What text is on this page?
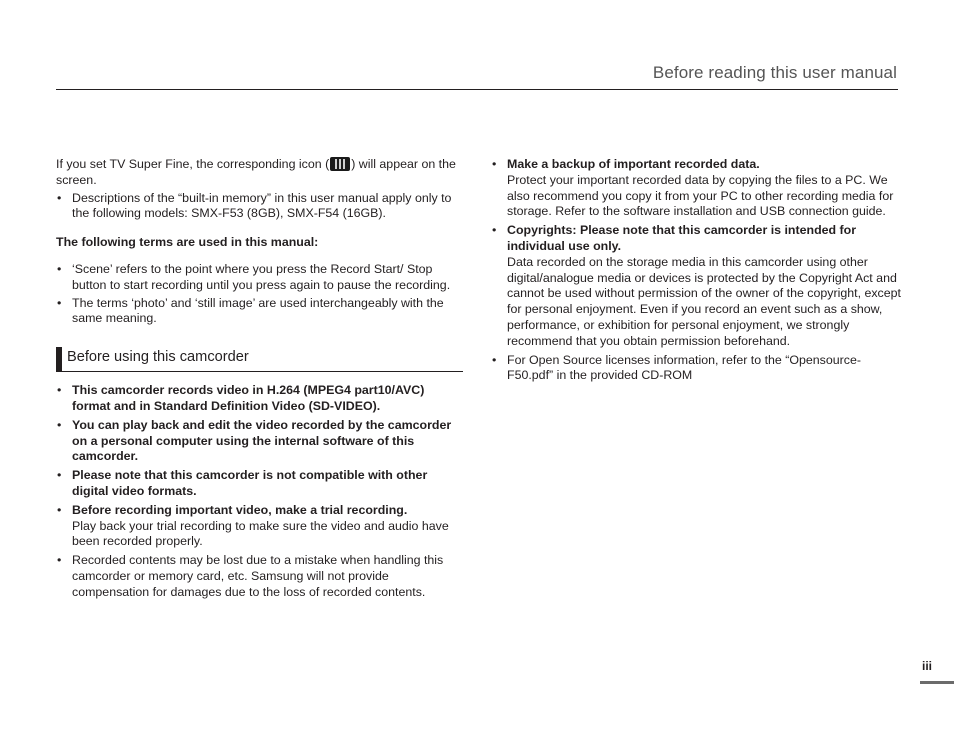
Before reading this user manual

If you set TV Super Fine, the corresponding icon ( ) will appear on the screen.

• Descriptions of the “built-in memory” in this user manual apply only to the following models: SMX-F53 (8GB), SMX-F54 (16GB).

The following terms are used in this manual:

• ‘Scene’ refers to the point where you press the Record Start/ Stop button to start recording until you press again to pause the recording.
• The terms ‘photo’ and ‘still image’ are used interchangeably with the same meaning.
Before using this camcorder
• This camcorder records video in H.264 (MPEG4 part10/AVC) format and in Standard Definition Video (SD-VIDEO).
• You can play back and edit the video recorded by the camcorder on a personal computer using the internal software of this camcorder.
• Please note that this camcorder is not compatible with other digital video formats.
• Before recording important video, make a trial recording.
Play back your trial recording to make sure the video and audio have been recorded properly.
• Recorded contents may be lost due to a mistake when handling this camcorder or memory card, etc. Samsung will not provide compensation for damages due to the loss of recorded contents.
• Make a backup of important recorded data.
Protect your important recorded data by copying the files to a PC. We also recommend you copy it from your PC to other recording media for storage. Refer to the software installation and USB connection guide.
• Copyrights: Please note that this camcorder is intended for individual use only.
Data recorded on the storage media in this camcorder using other digital/analogue media or devices is protected by the Copyright Act and cannot be used without permission of the owner of the copyright, except for personal enjoyment. Even if you record an event such as a show, performance, or exhibition for personal enjoyment, we strongly recommend that you obtain permission beforehand.
• For Open Source licenses information, refer to the “Opensource-F50.pdf” in the provided CD-ROM
iii
